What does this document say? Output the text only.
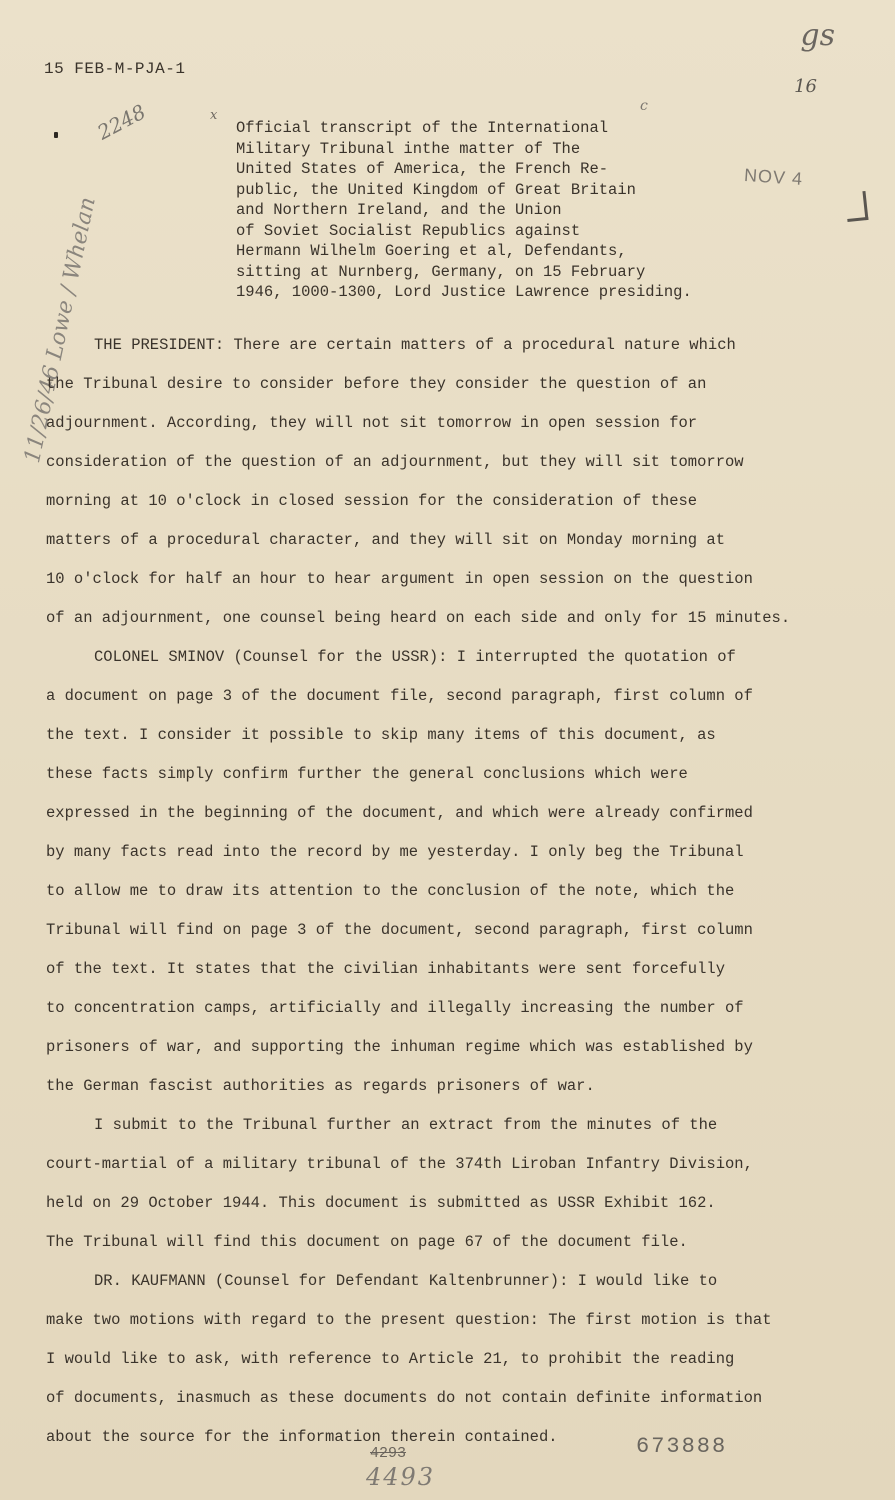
15 FEB-M-PJA-1

gs

16

2248	x

c

NOV 4

11/26/46 Lowe / Whelan

Official transcript of the International
Military Tribunal inthe matter of The
United States of America, the French Re-
public, the United Kingdom of Great Britain
and Northern Ireland, and the Union
of Soviet Socialist Republics against
Hermann Wilhelm Goering et al, Defendants,
sitting at Nurnberg, Germany, on 15 February
1946, 1000-1300, Lord Justice Lawrence presiding.
THE PRESIDENT: There are certain matters of a procedural nature which
the Tribunal desire to consider before they consider the question of an
adjournment. According, they will not sit tomorrow in open session for
consideration of the question of an adjournment, but they will sit tomorrow
morning at 10 o'clock in closed session for the consideration of these
matters of a procedural character, and they will sit on Monday morning at
10 o'clock for half an hour to hear argument in open session on the question
of an adjournment, one counsel being heard on each side and only for 15 minutes.
COLONEL SMINOV (Counsel for the USSR): I interrupted the quotation of
a document on page 3 of the document file, second paragraph, first column of
the text. I consider it possible to skip many items of this document, as
these facts simply confirm further the general conclusions which were
expressed in the beginning of the document, and which were already confirmed
by many facts read into the record by me yesterday. I only beg the Tribunal
to allow me to draw its attention to the conclusion of the note, which the
Tribunal will find on page 3 of the document, second paragraph, first column
of the text. It states that the civilian inhabitants were sent forcefully
to concentration camps, artificially and illegally increasing the number of
prisoners of war, and supporting the inhuman regime which was established by
the German fascist authorities as regards prisoners of war.
I submit to the Tribunal further an extract from the minutes of the
court-martial of a military tribunal of the 374th Liroban Infantry Division,
held on 29 October 1944. This document is submitted as USSR Exhibit 162.
The Tribunal will find this document on page 67 of the document file.
DR. KAUFMANN (Counsel for Defendant Kaltenbrunner): I would like to
make two motions with regard to the present question: The first motion is that
I would like to ask, with reference to Article 21, to prohibit the reading
of documents, inasmuch as these documents do not contain definite information
about the source for the information therein contained.

4293

4493

673888
